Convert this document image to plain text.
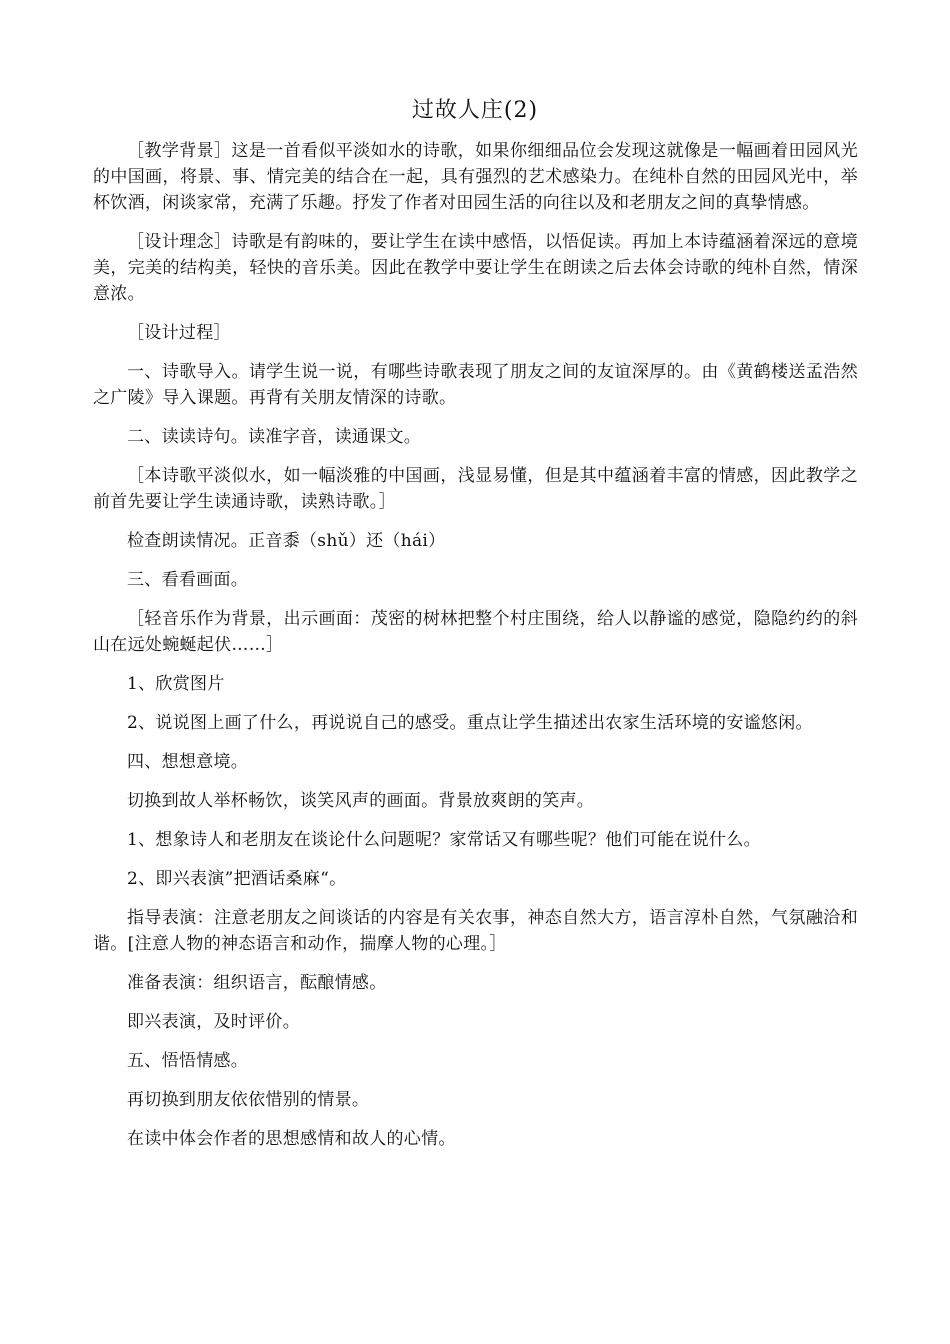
过故人庄(2)

［教学背景］这是一首看似平淡如水的诗歌，如果你细细品位会发现这就像是一幅画着田园风光的中国画，将景、事、情完美的结合在一起，具有强烈的艺术感染力。在纯朴自然的田园风光中，举杯饮酒，闲谈家常，充满了乐趣。抒发了作者对田园生活的向往以及和老朋友之间的真挚情感。

［设计理念］诗歌是有韵味的，要让学生在读中感悟，以悟促读。再加上本诗蕴涵着深远的意境美，完美的结构美，轻快的音乐美。因此在教学中要让学生在朗读之后去体会诗歌的纯朴自然，情深意浓。

［设计过程］

一、诗歌导入。请学生说一说，有哪些诗歌表现了朋友之间的友谊深厚的。由《黄鹤楼送孟浩然之广陵》导入课题。再背有关朋友情深的诗歌。

二、读读诗句。读准字音，读通课文。

［本诗歌平淡似水，如一幅淡雅的中国画，浅显易懂，但是其中蕴涵着丰富的情感，因此教学之前首先要让学生读通诗歌，读熟诗歌。］

检查朗读情况。正音黍（shǔ）还（hái）

三、看看画面。

［轻音乐作为背景，出示画面：茂密的树林把整个村庄围绕，给人以静谧的感觉，隐隐约约的斜山在远处蜿蜒起伏……］

1、欣赏图片

2、说说图上画了什么，再说说自己的感受。重点让学生描述出农家生活环境的安谧悠闲。

四、想想意境。

切换到故人举杯畅饮，谈笑风声的画面。背景放爽朗的笑声。

1、想象诗人和老朋友在谈论什么问题呢？家常话又有哪些呢？他们可能在说什么。

2、即兴表演”把酒话桑麻“。

指导表演：注意老朋友之间谈话的内容是有关农事，神态自然大方，语言淳朴自然，气氛融洽和谐。[注意人物的神态语言和动作，揣摩人物的心理。］

准备表演：组织语言，酝酿情感。

即兴表演，及时评价。

五、悟悟情感。

再切换到朋友依依惜别的情景。

在读中体会作者的思想感情和故人的心情。
